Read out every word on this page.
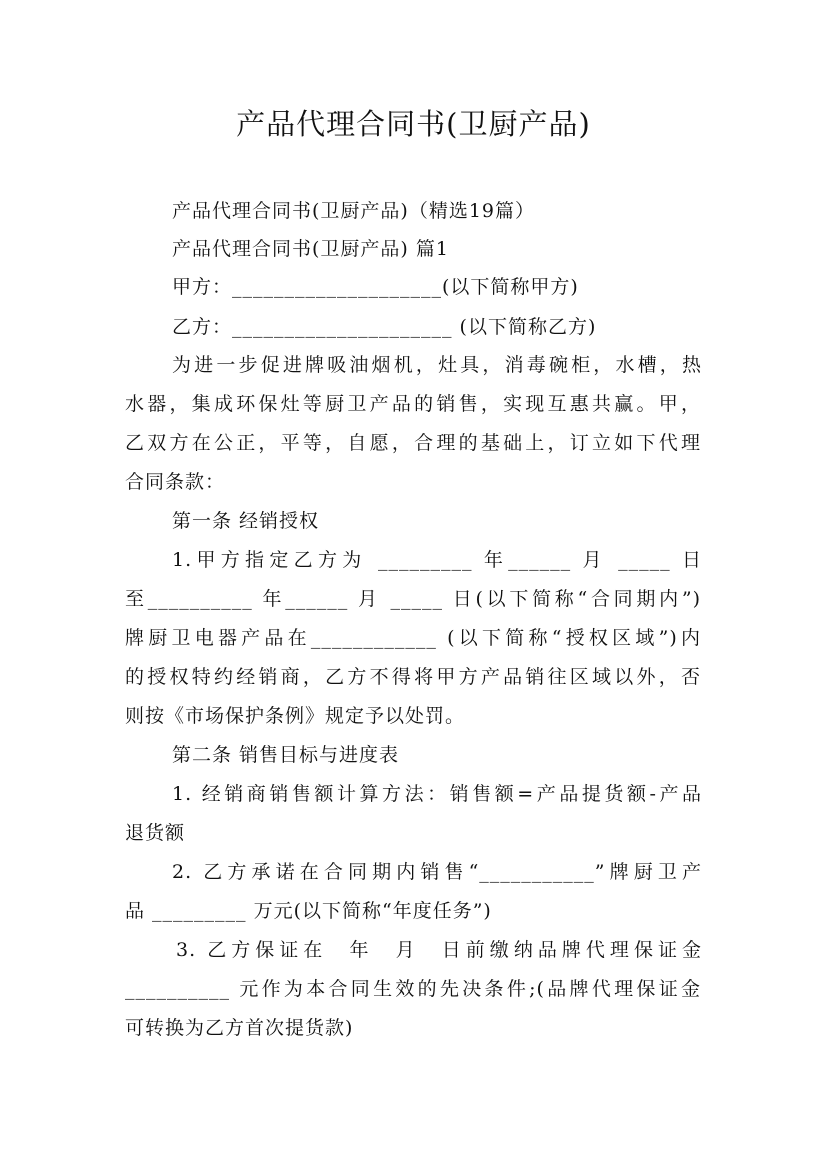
产品代理合同书(卫厨产品)
产品代理合同书(卫厨产品)（精选19篇）
产品代理合同书(卫厨产品) 篇1
甲方：____________________(以下简称甲方)
乙方：_____________________ (以下简称乙方)
为进一步促进牌吸油烟机，灶具，消毒碗柜，水槽，热
水器，集成环保灶等厨卫产品的销售，实现互惠共赢。甲，
乙双方在公正，平等，自愿，合理的基础上，订立如下代理
合同条款：
第一条 经销授权
1.甲方指定乙方为 _________ 年______ 月 _____ 日
至__________ 年______ 月 _____ 日(以下简称“合同期内”)
牌厨卫电器产品在____________ (以下简称“授权区域”)内
的授权特约经销商，乙方不得将甲方产品销往区域以外，否
则按《市场保护条例》规定予以处罚。
第二条 销售目标与进度表
1. 经销商销售额计算方法：销售额=产品提货额-产品
退货额
2. 乙方承诺在合同期内销售“___________”牌厨卫产
品 _________ 万元(以下简称“年度任务”)
3. 乙方保证在  年  月  日前缴纳品牌代理保证金
__________ 元作为本合同生效的先决条件;(品牌代理保证金
可转换为乙方首次提货款)
